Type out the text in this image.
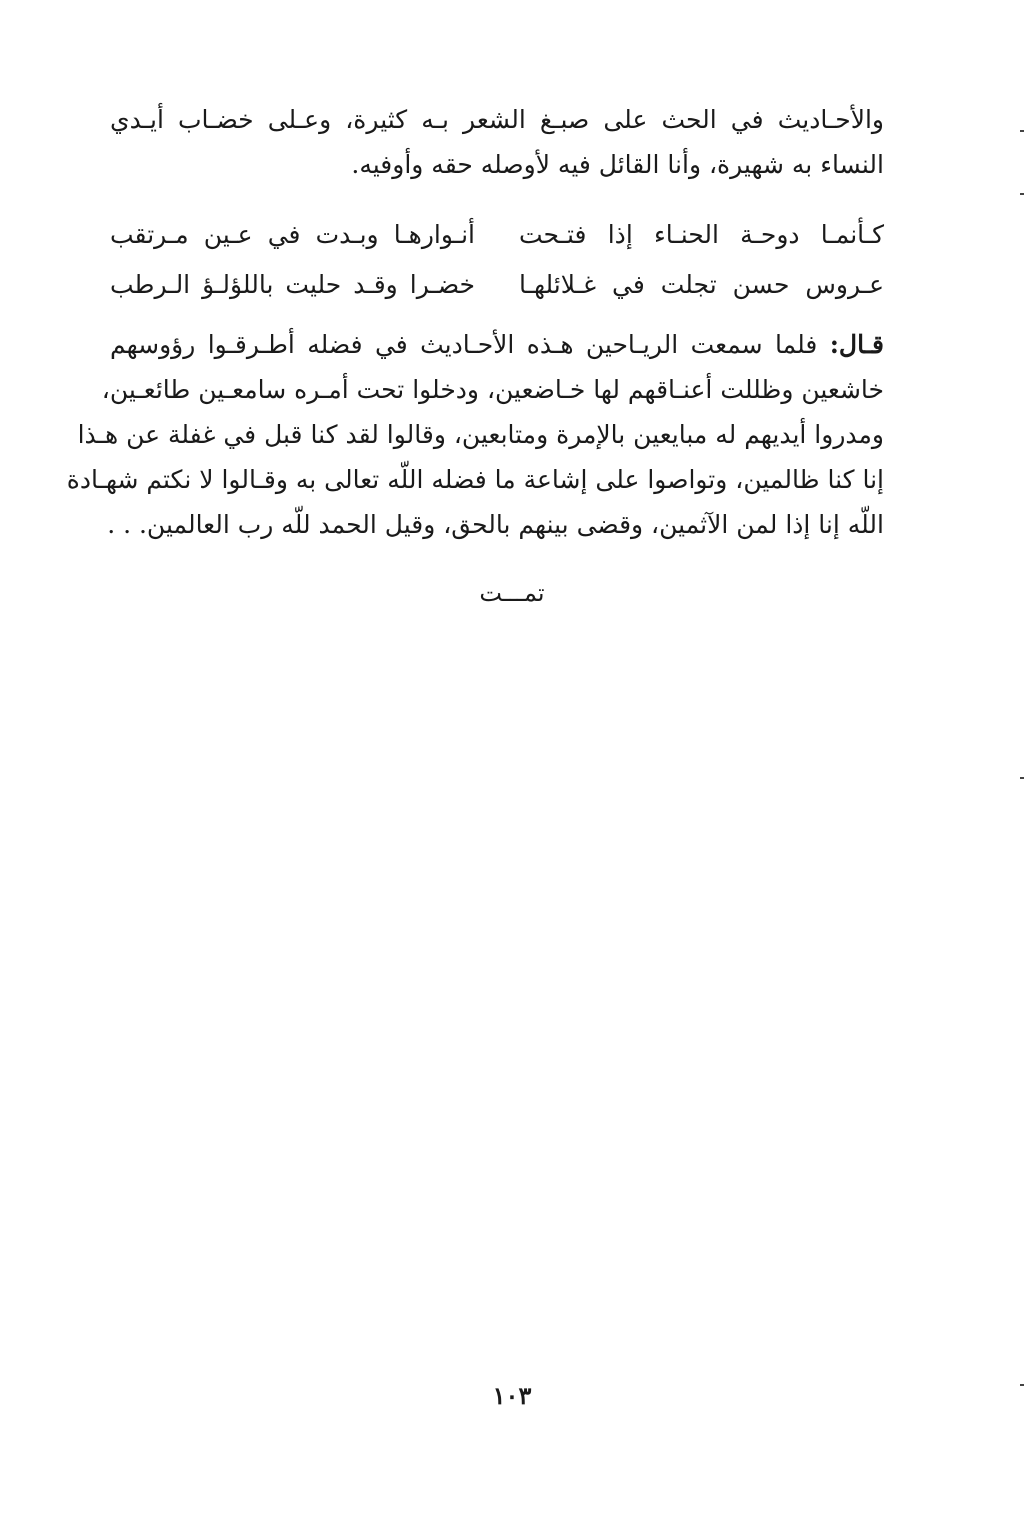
والأحـاديث في الحث على صبـغ الشعر بـه كثيرة، وعـلى خضـاب أيـدي
النساء به شهيرة، وأنا القائل فيه لأوصله حقه وأوفيه.
كـأنمـا دوحـة الحنـاء إذا فتـحت
أنـوارهـا وبـدت في عـين مـرتقب
عـروس حسن تجلت في غـلائلهـا
خضـرا وقـد حليت باللؤلـؤ الـرطب
قـال: فلما سمعت الريـاحين هـذه الأحـاديث في فضله أطـرقـوا رؤوسهم
خاشعين وظللت أعنـاقهم لها خـاضعين، ودخلوا تحت أمـره سامعـين طائعـين،
ومدروا أيديهم له مبايعين بالإمرة ومتابعين، وقالوا لقد كنا قبل في غفلة عن هـذا
إنا كنا ظالمين، وتواصوا على إشاعة ما فضله اللّه تعالى به وقـالوا لا نكتم شهـادة
اللّه إنا إذا لمن الآثمين، وقضى بينهم بالحق، وقيل الحمد للّه رب العالمين. . .
تمـــت
١٠٣
